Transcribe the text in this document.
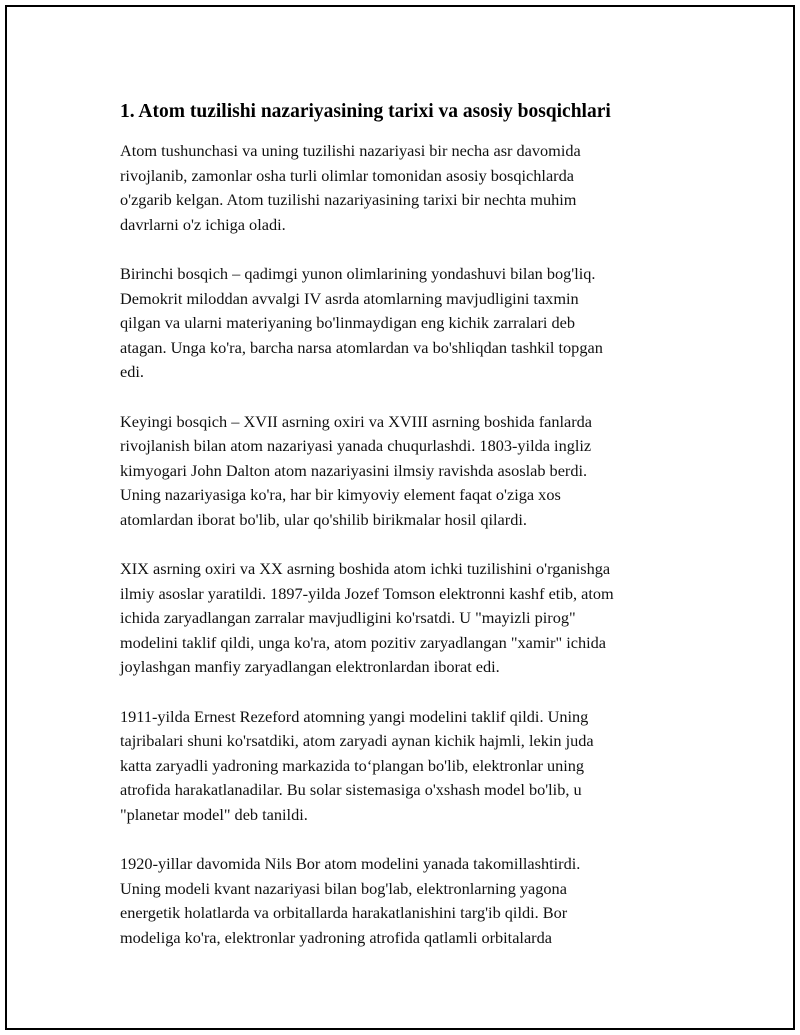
1. Atom tuzilishi nazariyasining tarixi va asosiy bosqichlari

Atom tushunchasi va uning tuzilishi nazariyasi bir necha asr davomida
rivojlanib, zamonlar osha turli olimlar tomonidan asosiy bosqichlarda
o'zgarib kelgan. Atom tuzilishi nazariyasining tarixi bir nechta muhim
davrlarni o'z ichiga oladi.

Birinchi bosqich – qadimgi yunon olimlarining yondashuvi bilan bog'liq.
Demokrit miloddan avvalgi IV asrda atomlarning mavjudligini taxmin
qilgan va ularni materiyaning bo'linmaydigan eng kichik zarralari deb
atagan. Unga ko'ra, barcha narsa atomlardan va bo'shliqdan tashkil topgan
edi.

Keyingi bosqich – XVII asrning oxiri va XVIII asrning boshida fanlarda
rivojlanish bilan atom nazariyasi yanada chuqurlashdi. 1803-yilda ingliz
kimyogari John Dalton atom nazariyasini ilmsiy ravishda asoslab berdi.
Uning nazariyasiga ko'ra, har bir kimyoviy element faqat o'ziga xos
atomlardan iborat bo'lib, ular qo'shilib birikmalar hosil qilardi.

XIX asrning oxiri va XX asrning boshida atom ichki tuzilishini o'rganishga
ilmiy asoslar yaratildi. 1897-yilda Jozef Tomson elektronni kashf etib, atom
ichida zaryadlangan zarralar mavjudligini ko'rsatdi. U "mayizli pirog"
modelini taklif qildi, unga ko'ra, atom pozitiv zaryadlangan "xamir" ichida
joylashgan manfiy zaryadlangan elektronlardan iborat edi.

1911-yilda Ernest Rezeford atomning yangi modelini taklif qildi. Uning
tajribalari shuni ko'rsatdiki, atom zaryadi aynan kichik hajmli, lekin juda
katta zaryadli yadroning markazida to‘plangan bo'lib, elektronlar uning
atrofida harakatlanadilar. Bu solar sistemasiga o'xshash model bo'lib, u
"planetar model" deb tanildi.

1920-yillar davomida Nils Bor atom modelini yanada takomillashtirdi.
Uning modeli kvant nazariyasi bilan bog'lab, elektronlarning yagona
energetik holatlarda va orbitallarda harakatlanishini targ'ib qildi. Bor
modeliga ko'ra, elektronlar yadroning atrofida qatlamli orbitalarda
